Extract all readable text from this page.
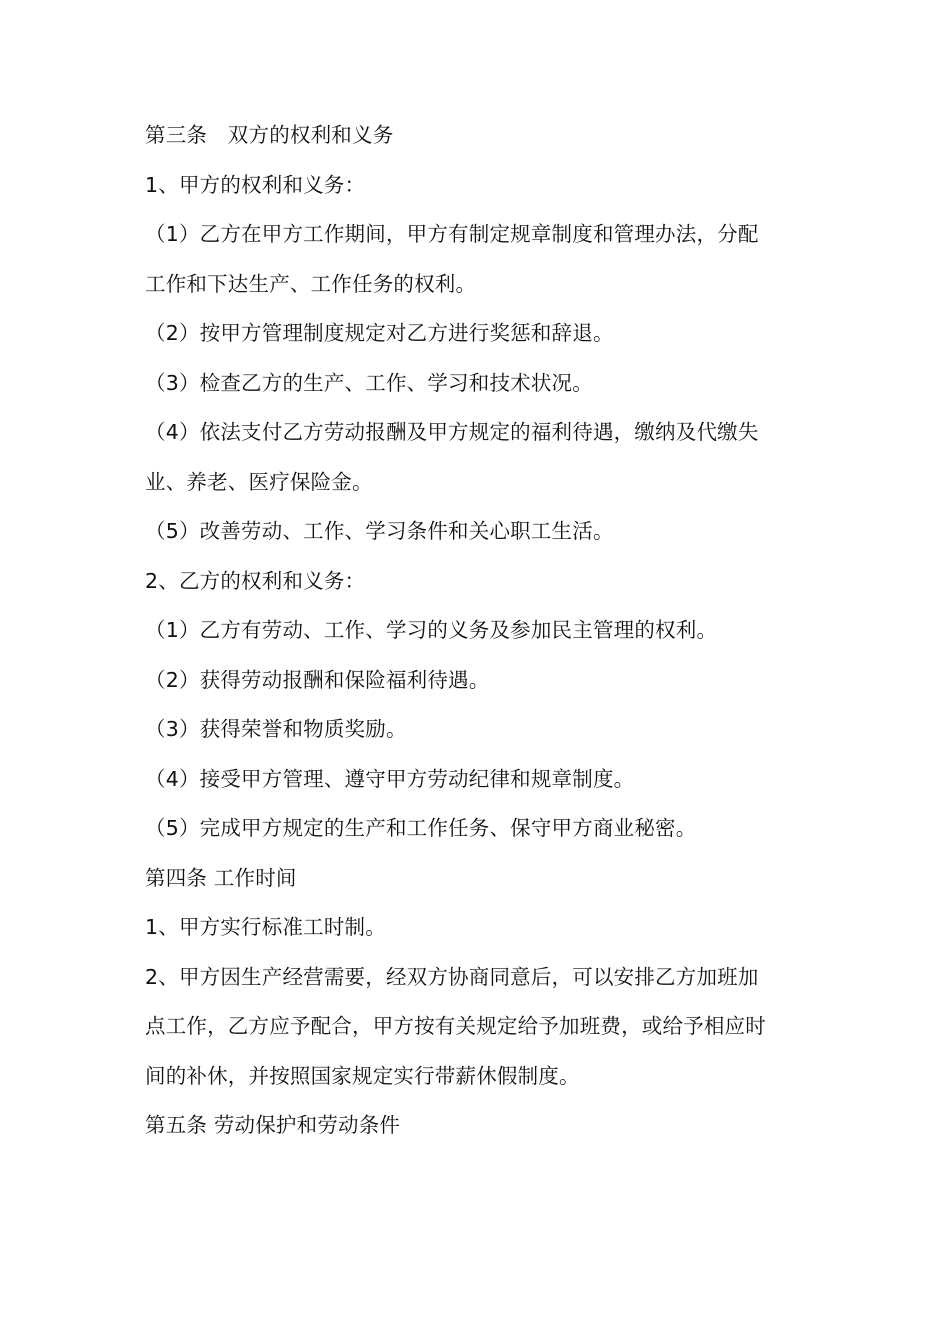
第三条　双方的权利和义务
1、甲方的权利和义务：
（1）乙方在甲方工作期间，甲方有制定规章制度和管理办法，分配
工作和下达生产、工作任务的权利。
（2）按甲方管理制度规定对乙方进行奖惩和辞退。
（3）检查乙方的生产、工作、学习和技术状况。
（4）依法支付乙方劳动报酬及甲方规定的福利待遇，缴纳及代缴失
业、养老、医疗保险金。
（5）改善劳动、工作、学习条件和关心职工生活。
2、乙方的权利和义务：
（1）乙方有劳动、工作、学习的义务及参加民主管理的权利。
（2）获得劳动报酬和保险福利待遇。
（3）获得荣誉和物质奖励。
（4）接受甲方管理、遵守甲方劳动纪律和规章制度。
（5）完成甲方规定的生产和工作任务、保守甲方商业秘密。
第四条 工作时间
1、甲方实行标准工时制。
2、甲方因生产经营需要，经双方协商同意后，可以安排乙方加班加
点工作，乙方应予配合，甲方按有关规定给予加班费，或给予相应时
间的补休，并按照国家规定实行带薪休假制度。
第五条 劳动保护和劳动条件
